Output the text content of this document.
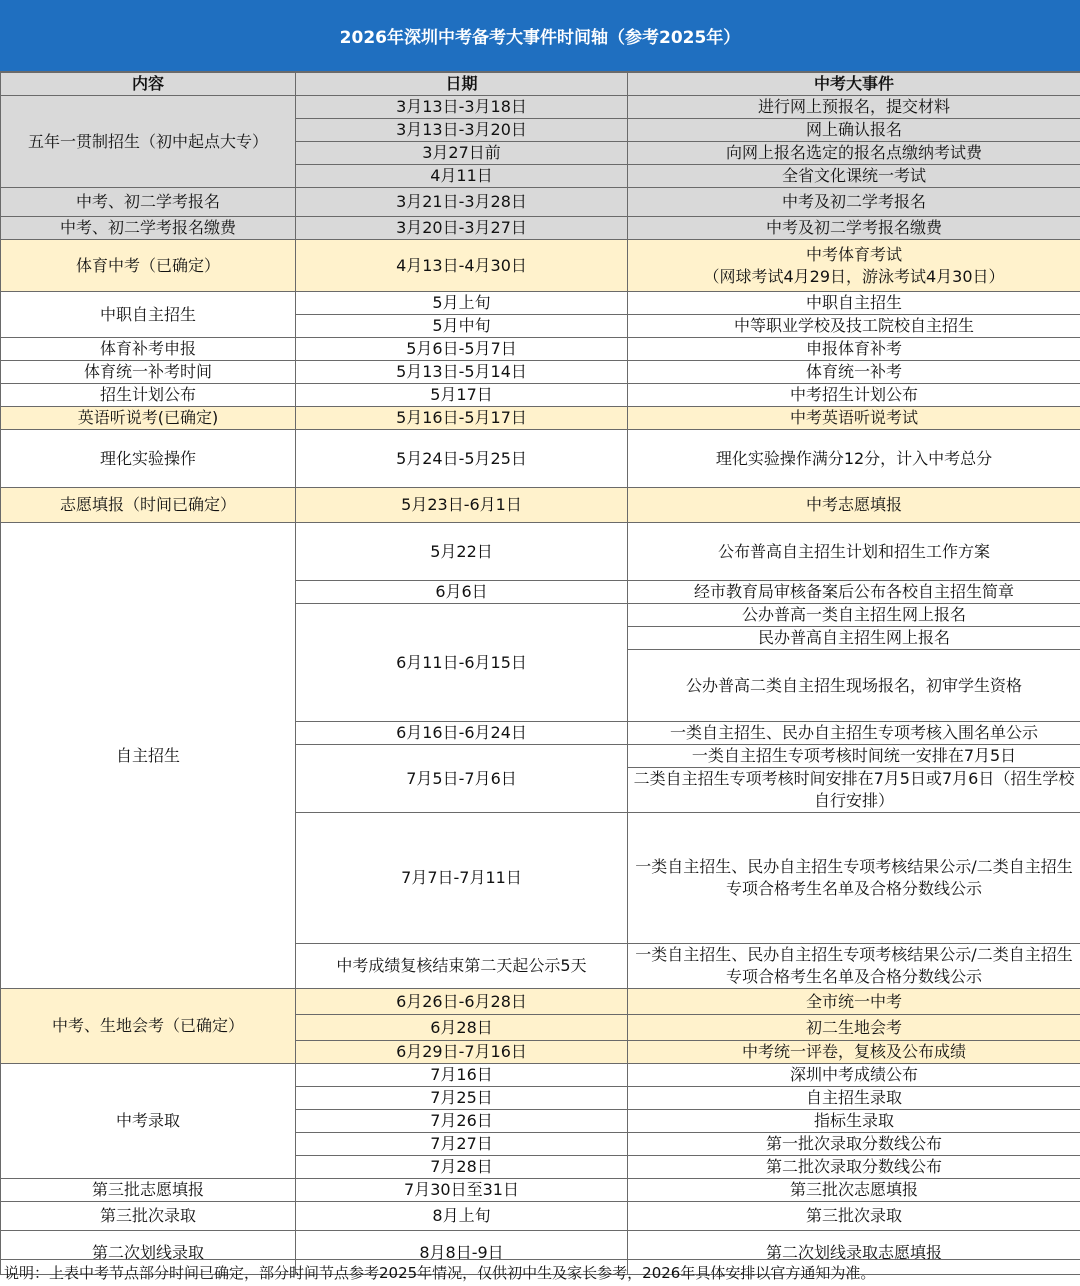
2026年深圳中考备考大事件时间轴（参考2025年）
内容	日期	中考大事件
五年一贯制招生（初中起点大专）	3月13日-3月18日	进行网上预报名，提交材料
	3月13日-3月20日	网上确认报名
	3月27日前	向网上报名选定的报名点缴纳考试费
	4月11日	全省文化课统一考试
中考、初二学考报名	3月21日-3月28日	中考及初二学考报名
中考、初二学考报名缴费	3月20日-3月27日	中考及初二学考报名缴费
体育中考（已确定）	4月13日-4月30日	中考体育考试
（网球考试4月29日，游泳考试4月30日）

中职自主招生	5月上旬	中职自主招生
	5月中旬	中等职业学校及技工院校自主招生
体育补考申报	5月6日-5月7日	申报体育补考
体育统一补考时间	5月13日-5月14日	体育统一补考
招生计划公布	5月17日	中考招生计划公布
英语听说考(已确定)	5月16日-5月17日	中考英语听说考试
理化实验操作	5月24日-5月25日	理化实验操作满分12分，计入中考总分
志愿填报（时间已确定）	5月23日-6月1日	中考志愿填报
自主招生	5月22日	公布普高自主招生计划和招生工作方案
	6月6日	经市教育局审核备案后公布各校自主招生简章
	6月11日-6月15日	公办普高一类自主招生网上报名
		民办普高自主招生网上报名
		公办普高二类自主招生现场报名，初审学生资格
	6月16日-6月24日	一类自主招生、民办自主招生专项考核入围名单公示
	7月5日-7月6日	一类自主招生专项考核时间统一安排在7月5日
		二类自主招生专项考核时间安排在7月5日或7月6日（招生学校自行安排）
	7月7日-7月11日	一类自主招生、民办自主招生专项考核结果公示/二类自主招生专项合格考生名单及合格分数线公示
	中考成绩复核结束第二天起公示5天	一类自主招生、民办自主招生专项考核结果公示/二类自主招生专项合格考生名单及合格分数线公示
中考、生地会考（已确定）	6月26日-6月28日	全市统一中考
	6月28日	初二生地会考
	6月29日-7月16日	中考统一评卷，复核及公布成绩
中考录取	7月16日	深圳中考成绩公布
	7月25日	自主招生录取
	7月26日	指标生录取
	7月27日	第一批次录取分数线公布
	7月28日	第二批次录取分数线公布
第三批志愿填报	7月30日至31日	第三批次志愿填报
第三批次录取	8月上旬	第三批次录取
第二次划线录取	8月8日-9日	第二次划线录取志愿填报
说明：上表中考节点部分时间已确定，部分时间节点参考2025年情况，仅供初中生及家长参考，2026年具体安排以官方通知为准。
